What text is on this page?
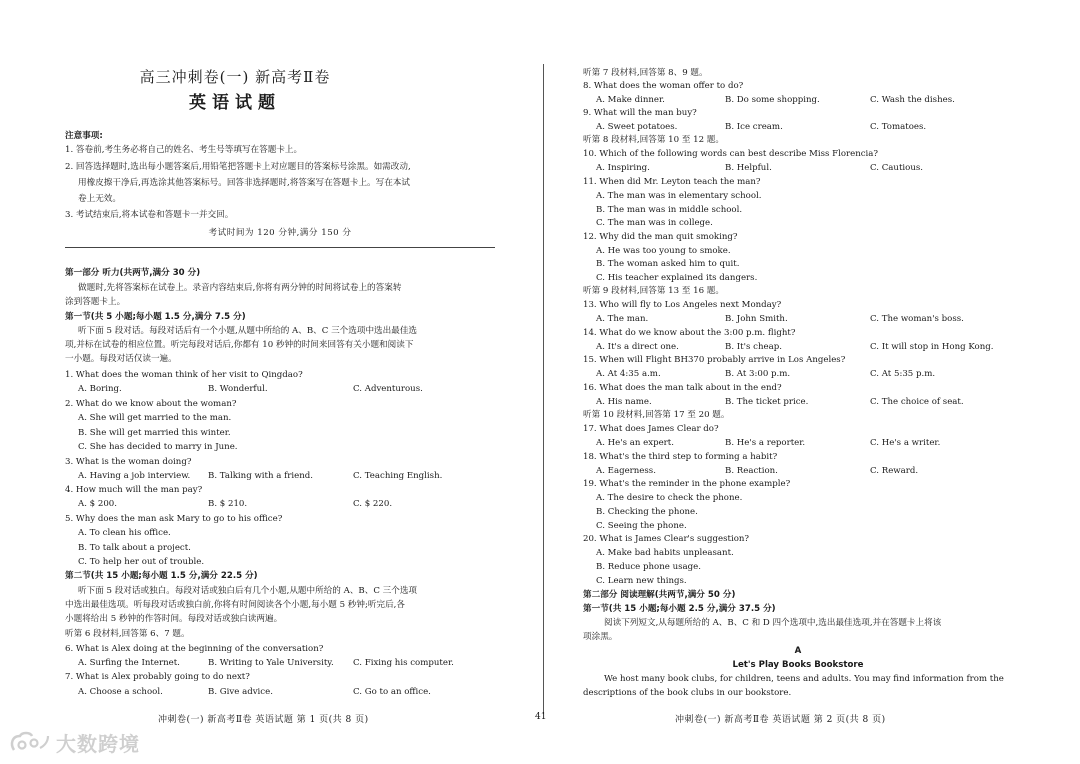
高三冲刺卷(一) 新高考Ⅱ卷
英语试题
注意事项:
1. 答卷前,考生务必将自己的姓名、考生号等填写在答题卡上。
2. 回答选择题时,选出每小题答案后,用铅笔把答题卡上对应题目的答案标号涂黑。如需改动,
用橡皮擦干净后,再选涂其他答案标号。回答非选择题时,将答案写在答题卡上。写在本试
卷上无效。
3. 考试结束后,将本试卷和答题卡一并交回。
考试时间为 120 分钟,满分 150 分
第一部分 听力(共两节,满分 30 分)
做题时,先将答案标在试卷上。录音内容结束后,你将有两分钟的时间将试卷上的答案转
涂到答题卡上。
第一节(共 5 小题;每小题 1.5 分,满分 7.5 分)
听下面 5 段对话。每段对话后有一个小题,从题中所给的 A、B、C 三个选项中选出最佳选
项,并标在试卷的相应位置。听完每段对话后,你都有 10 秒钟的时间来回答有关小题和阅读下
一小题。每段对话仅读一遍。
1. What does the woman think of her visit to Qingdao?
A. Boring.	B. Wonderful.	C. Adventurous.
2. What do we know about the woman?
A. She will get married to the man.
B. She will get married this winter.
C. She has decided to marry in June.
3. What is the woman doing?
A. Having a job interview. B. Talking with a friend.	C. Teaching English.
4. How much will the man pay?
A. $ 200.	B. $ 210.	C. $ 220.
5. Why does the man ask Mary to go to his office?
A. To clean his office.
B. To talk about a project.
C. To help her out of trouble.
第二节(共 15 小题;每小题 1.5 分,满分 22.5 分)
听下面 5 段对话或独白。每段对话或独白后有几个小题,从题中所给的 A、B、C 三个选项
中选出最佳选项。听每段对话或独白前,你将有时间阅读各个小题,每小题 5 秒钟;听完后,各
小题将给出 5 秒钟的作答时间。每段对话或独白读两遍。
听第 6 段材料,回答第 6、7 题。
6. What is Alex doing at the beginning of the conversation?
A. Surfing the Internet.	B. Writing to Yale University. C. Fixing his computer.
7. What is Alex probably going to do next?
A. Choose a school.	B. Give advice.	C. Go to an office.
冲刺卷(一) 新高考Ⅱ卷 英语试题 第 1 页(共 8 页)	41
听第 7 段材料,回答第 8、9 题。
8. What does the woman offer to do?
A. Make dinner.	B. Do some shopping.	C. Wash the dishes.
9. What will the man buy?
A. Sweet potatoes.	B. Ice cream.	C. Tomatoes.
听第 8 段材料,回答第 10 至 12 题。
10. Which of the following words can best describe Miss Florencia?
A. Inspiring.	B. Helpful.	C. Cautious.
11. When did Mr. Leyton teach the man?
A. The man was in elementary school.
B. The man was in middle school.
C. The man was in college.
12. Why did the man quit smoking?
A. He was too young to smoke.
B. The woman asked him to quit.
C. His teacher explained its dangers.
听第 9 段材料,回答第 13 至 16 题。
13. Who will fly to Los Angeles next Monday?
A. The man.	B. John Smith.	C. The woman's boss.
14. What do we know about the 3:00 p.m. flight?
A. It's a direct one.	B. It's cheap.	C. It will stop in Hong Kong.
15. When will Flight BH370 probably arrive in Los Angeles?
A. At 4:35 a.m.	B. At 3:00 p.m.	C. At 5:35 p.m.
16. What does the man talk about in the end?
A. His name.	B. The ticket price.	C. The choice of seat.
听第 10 段材料,回答第 17 至 20 题。
17. What does James Clear do?
A. He's an expert.	B. He's a reporter.	C. He's a writer.
18. What's the third step to forming a habit?
A. Eagerness.	B. Reaction.	C. Reward.
19. What's the reminder in the phone example?
A. The desire to check the phone.
B. Checking the phone.
C. Seeing the phone.
20. What is James Clear's suggestion?
A. Make bad habits unpleasant.
B. Reduce phone usage.
C. Learn new things.
第二部分 阅读理解(共两节,满分 50 分)
第一节(共 15 小题;每小题 2.5 分,满分 37.5 分)
阅读下列短文,从每题所给的 A、B、C 和 D 四个选项中,选出最佳选项,并在答题卡上将该
项涂黑。
A
Let's Play Books Bookstore
We host many book clubs, for children, teens and adults. You may find information from the
descriptions of the book clubs in our bookstore.
冲刺卷(一) 新高考Ⅱ卷 英语试题 第 2 页(共 8 页)
大数跨境
